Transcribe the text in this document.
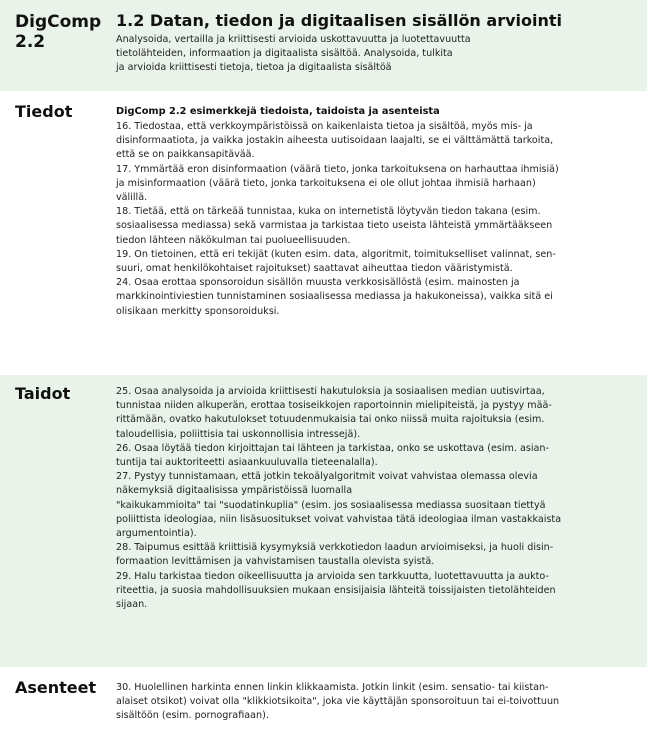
DigComp
2.2
1.2 Datan, tiedon ja digitaalisen sisällön arviointi
Analysoida, vertailla ja kriittisesti arvioida uskottavuutta ja luotettavuutta
tietolähteiden, informaation ja digitaalista sisältöä. Analysoida, tulkita
ja arvioida kriittisesti tietoja, tietoa ja digitaalista sisältöä
Tiedot	DigComp 2.2 esimerkkejä tiedoista, taidoista ja asenteista
16. Tiedostaa, että verkkoympäristöissä on kaikenlaista tietoa ja sisältöä, myös mis- ja
disinformaatiota, ja vaikka jostakin aiheesta uutisoidaan laajalti, se ei välttämättä tarkoita,
että se on paikkansapitävää.
17. Ymmärtää eron disinformaation (väärä tieto, jonka tarkoituksena on harhauttaa ihmisiä)
ja misinformaation (väärä tieto, jonka tarkoituksena ei ole ollut johtaa ihmisiä harhaan)
välillä.
18. Tietää, että on tärkeää tunnistaa, kuka on internetistä löytyvän tiedon takana (esim.
sosiaalisessa mediassa) sekä varmistaa ja tarkistaa tieto useista lähteistä ymmärtääkseen
tiedon lähteen näkökulman tai puolueellisuuden.
19. On tietoinen, että eri tekijät (kuten esim. data, algoritmit, toimitukselliset valinnat, sen-
suuri, omat henkilökohtaiset rajoitukset) saattavat aiheuttaa tiedon vääristymistä.
24. Osaa erottaa sponsoroidun sisällön muusta verkkosisällöstä (esim. mainosten ja
markkinointiviestien tunnistaminen sosiaalisessa mediassa ja hakukoneissa), vaikka sitä ei
olisikaan merkitty sponsoroiduksi.
Taidot	25. Osaa analysoida ja arvioida kriittisesti hakutuloksia ja sosiaalisen median uutisvirtaa,
tunnistaa niiden alkuperän, erottaa tosiseikkojen raportoinnin mielipiteistä, ja pystyy mää-
rittämään, ovatko hakutulokset totuudenmukaisia tai onko niissä muita rajoituksia (esim.
taloudellisia, poliittisia tai uskonnollisia intressejä).
26. Osaa löytää tiedon kirjoittajan tai lähteen ja tarkistaa, onko se uskottava (esim. asian-
tuntija tai auktoriteetti asiaankuuluvalla tieteenalalla).
27. Pystyy tunnistamaan, että jotkin tekoälyalgoritmit voivat vahvistaa olemassa olevia
näkemyksiä digitaalisissa ympäristöissä luomalla
"kaikukammioita" tai "suodatinkuplia" (esim. jos sosiaalisessa mediassa suositaan tiettyä
poliittista ideologiaa, niin lisäsuositukset voivat vahvistaa tätä ideologiaa ilman vastakkaista
argumentointia).
28. Taipumus esittää kriittisiä kysymyksiä verkkotiedon laadun arvioimiseksi, ja huoli disin-
formaation levittämisen ja vahvistamisen taustalla olevista syistä.
29. Halu tarkistaa tiedon oikeellisuutta ja arvioida sen tarkkuutta, luotettavuutta ja aukto-
riteettia, ja suosia mahdollisuuksien mukaan ensisijaisia lähteitä toissijaisten tietolähteiden
sijaan.
Asenteet 30. Huolellinen harkinta ennen linkin klikkaamista. Jotkin linkit (esim. sensatio- tai kiistan-
alaiset otsikot) voivat olla "klikkiotsikoita", joka vie käyttäjän sponsoroituun tai ei-toivottuun
sisältöön (esim. pornografiaan).
